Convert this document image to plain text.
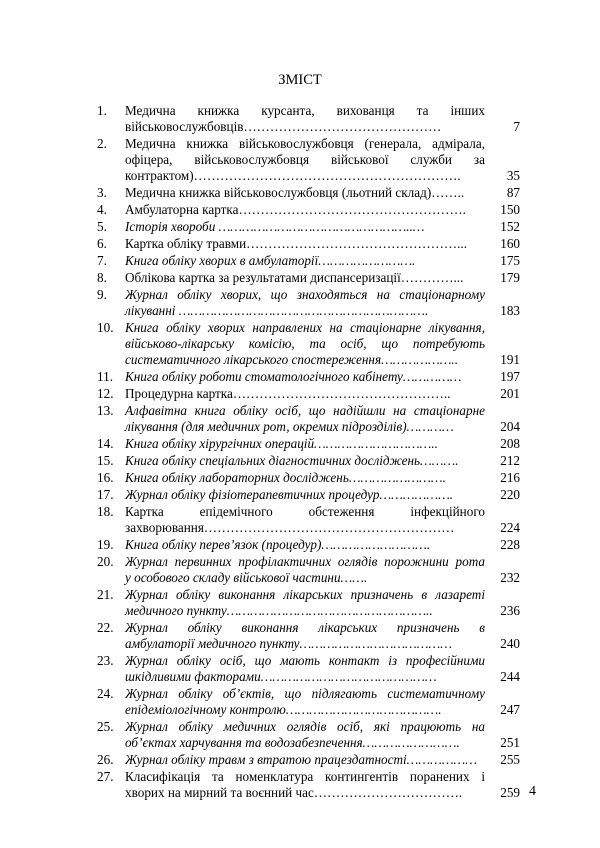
ЗМІСТ
1.	Медична книжка курсанта, вихованця та інших
військовослужбовців………………………………………	7
2.	Медична книжка військовослужбовця (генерала, адмірала,
офіцера, військовослужбовця військової служби за
контрактом)…………………………………………………….	35
3.	Медична книжка військовослужбовця (льотний склад)……..	87
4.	Амбулаторна картка…………………………………………….	150
5.	Історія хвороби …………………………………………..…	152
6.	Картка обліку травми…………………………………………...	160
7.	Книга обліку хворих в амбулаторії…………………….	175
8.	Облікова картка за результатами диспансеризації…………...	179
9.	Журнал обліку хворих, що знаходяться на стаціонарному
лікуванні ……………………………………………………….	183
10. Книга обліку хворих направлених на стаціонарне лікування,
військово-лікарську комісію, та осіб, що потребують
систематичного лікарського спостереження………………..	191
11. Книга обліку роботи стоматологічного кабінету……………	197
12. Процедурна картка…………………………………………..	201
13. Алфавітна книга обліку осіб, що надійшли на стаціонарне
лікування (для медичних рот, окремих підрозділів)…………	204
14. Книга обліку хірургічних операцій…………………………..	208
15. Книга обліку спеціальних діагностичних досліджень……….	212
16. Книга обліку лабораторних досліджень…………………….	216
17. Журнал обліку фізіотерапевтичних процедур……………….	220
18. Картка епідемічного обстеження інфекційного
захворювання…………………………………………………	224
19. Книга обліку перев’язок (процедур)……………………….	228
20. Журнал первинних профілактичних оглядів порожнини рота
у особового складу військової частини…….	232
21. Журнал обліку виконання лікарських призначень в лазареті
медичного пункту……………………………………………..	236
22. Журнал обліку виконання лікарських призначень в
амбулаторії медичного пункту…………………………………	240
23. Журнал обліку осіб, що мають контакт із професійними
шкідливими факторами………………………………………	244
24. Журнал обліку об’єктів, що підлягають систематичному
епідеміологічному контролю………………………………….	247
25. Журнал обліку медичних оглядів осіб, які працюють на
об’єктах харчування та водозабезпечення…………………….	251
26. Журнал обліку травм з втратою працездатності………………	255
27. Класифікація та номенклатура контингентів поранених і
хворих на мирний та воєнний час…………………………….	259 4
